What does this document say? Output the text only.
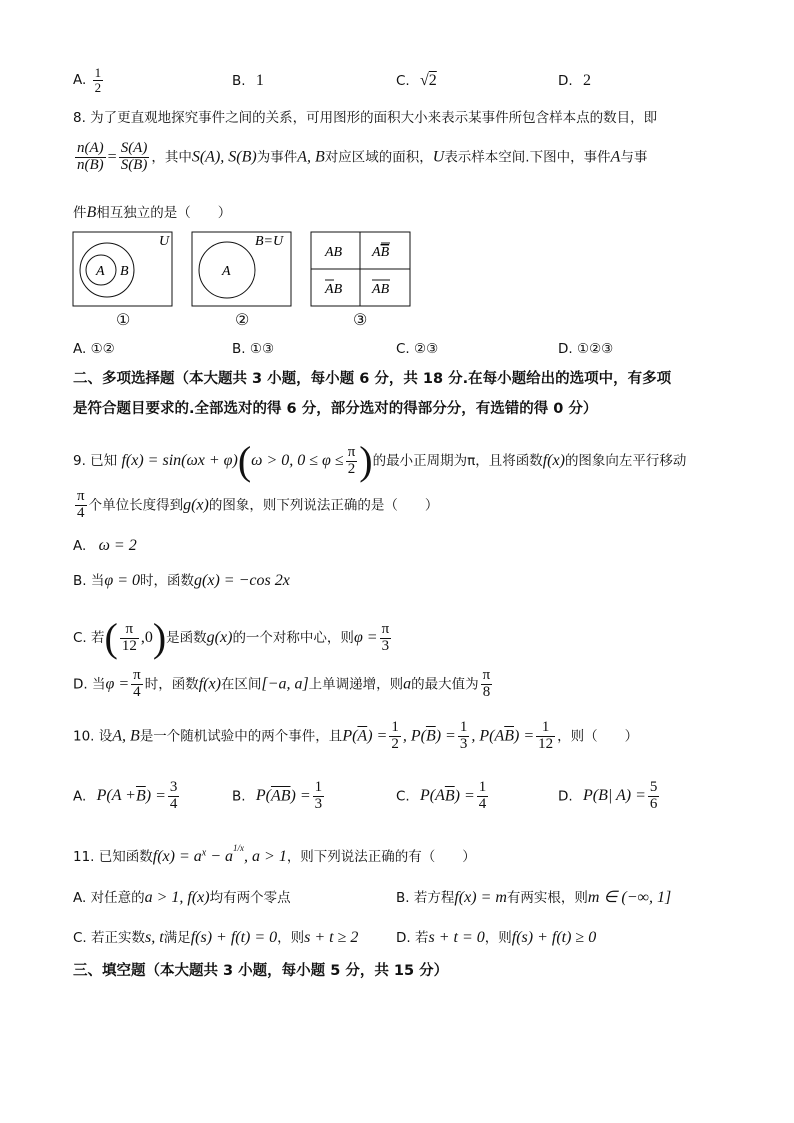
A. $\frac{1}{2}$	B. 1	C. √2	D. 2
8. 为了更直观地探究事件之间的关系，可用图形的面积大小来表示某事件所包含样本点的数目，即
$\frac{n(A)}{n(B)} = \frac{S(A)}{S(B)}$ ，其中S(A), S(B)为事件A, B对应区域的面积，U表示样本空间.下图中，事件A与事
件B相互独立的是（　　）
U
A B
①
B=U
A
②
AB AB
AB AB
③
A. ①②	B. ①③	C. ②③	D. ①②③
二、多项选择题（本大题共 3 小题，每小题 6 分，共 18 分.在每小题给出的选项中，有多项
是符合题目要求的.全部选对的得 6 分，部分选对的得部分分，有选错的得 0 分）
9. 已知 f(x) = sin(ωx + φ)(ω > 0, $0 \le \varphi \le \frac{\pi}{2}$ )的最小正周期为π，且将函数f(x)的图象向左平行移动
$\frac{\pi}{4}$ 个单位长度得到g(x)的图象，则下列说法正确的是（　　）
A. ω = 2
B. 当φ = 0时，函数g(x) = −cos 2x
C. 若( $\frac{\pi}{12} ,0$)是函数g(x)的一个对称中心，则$\varphi = \frac{\pi}{3}$
D. 当$\varphi = \frac{\pi}{4}$ 时，函数f(x)在区间[−a, a]上单调递增，则a的最大值为 $\frac{\pi}{8}$
10. 设A, B是一个随机试验中的两个事件，且$P(\overline{A}) = \frac{1}{2}$ , $P(\overline{B}) = \frac{1}{3}$ , $P(A\overline{B}) = \frac{1}{12}$ ，则（　　）
A. $P(A +\overline{B}) = \frac{3}{4}$	B. $P(\overline{AB}) = \frac{1}{3}$	C. $P(A\overline{B}) = \frac{1}{4}$	D. P(B| $A) = \frac{5}{6}$
11. 已知函数$f(x) = a^x - a^{1/x}$, a > 1，则下列说法正确的有（　　）
A. 对任意的a > 1, f(x)均有两个零点	B. 若方程f(x) = m有两实根，则m ∈ (−∞, 1]
C. 若正实数s, t满足f(s) + f(t) = 0，则s + t ≥ 2	D. 若s + t = 0，则f(s) + f(t) ≥ 0
三、填空题（本大题共 3 小题，每小题 5 分，共 15 分）
